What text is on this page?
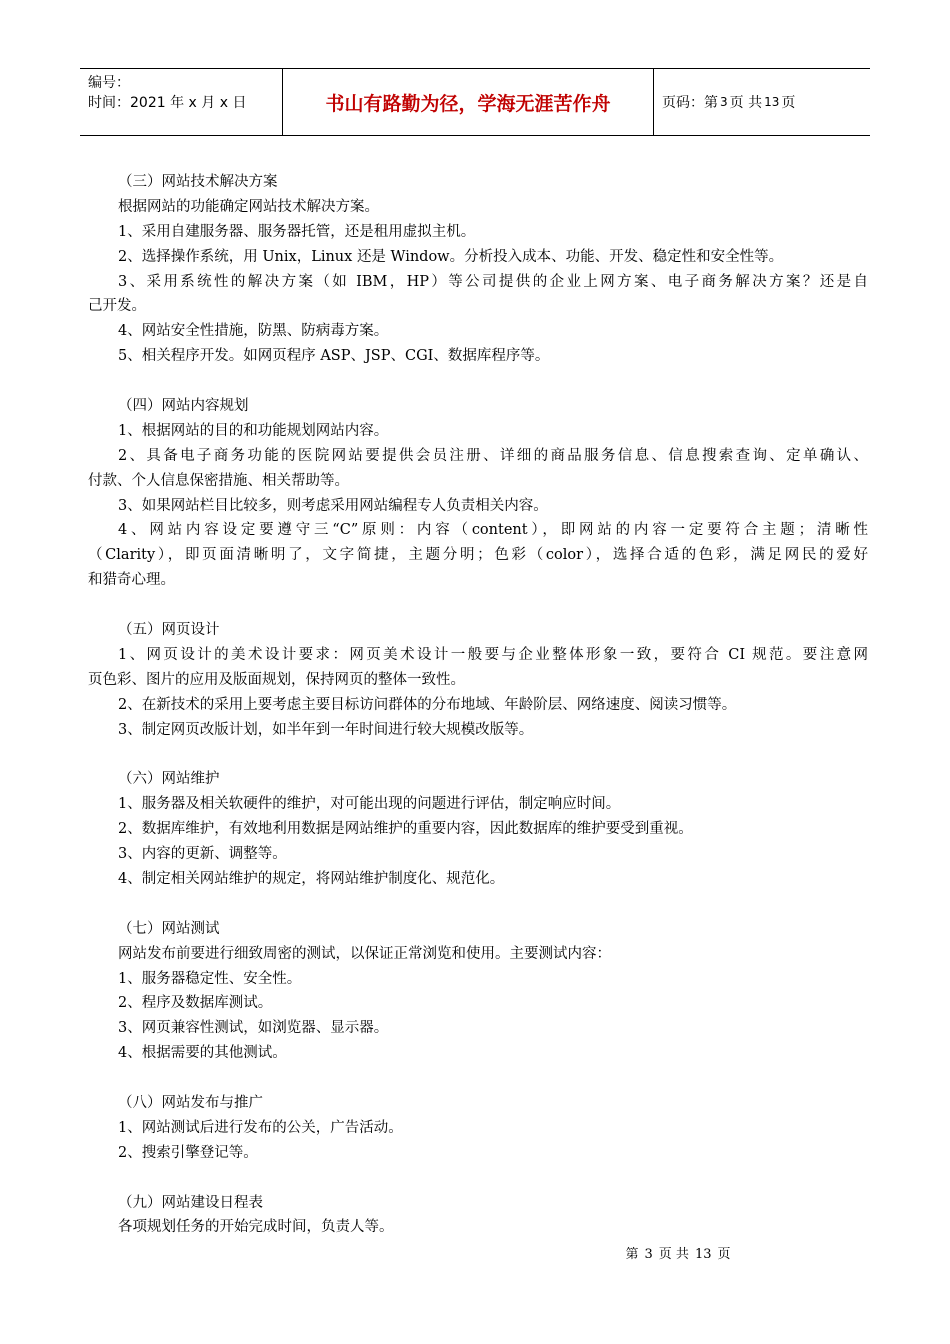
编号：
时间：2021 年 x 月 x 日	书山有路勤为径，学海无涯苦作舟	页码：第 3 页 共 13 页
（三）网站技术解决方案
根据网站的功能确定网站技术解决方案。
1、采用自建服务器、服务器托管，还是租用虚拟主机。
2、选择操作系统，用 Unix，Linux 还是 Window。分析投入成本、功能、开发、稳定性和安全性等。
3、采用系统性的解决方案（如 IBM，HP）等公司提供的企业上网方案、电子商务解决方案？还是自
己开发。
4、网站安全性措施，防黑、防病毒方案。
5、相关程序开发。如网页程序 ASP、JSP、CGI、数据库程序等。
（四）网站内容规划
1、根据网站的目的和功能规划网站内容。
2、具备电子商务功能的医院网站要提供会员注册、详细的商品服务信息、信息搜索查询、定单确认、
付款、个人信息保密措施、相关帮助等。
3、如果网站栏目比较多，则考虑采用网站编程专人负责相关内容。
4、网站内容设定要遵守三“C”原则：内容（content），即网站的内容一定要符合主题；清晰性
（Clarity），即页面清晰明了，文字简捷，主题分明；色彩（color），选择合适的色彩，满足网民的爱好
和猎奇心理。
（五）网页设计
1、网页设计的美术设计要求：网页美术设计一般要与企业整体形象一致，要符合 CI 规范。要注意网
页色彩、图片的应用及版面规划，保持网页的整体一致性。
2、在新技术的采用上要考虑主要目标访问群体的分布地域、年龄阶层、网络速度、阅读习惯等。
3、制定网页改版计划，如半年到一年时间进行较大规模改版等。
（六）网站维护
1、服务器及相关软硬件的维护，对可能出现的问题进行评估，制定响应时间。
2、数据库维护，有效地利用数据是网站维护的重要内容，因此数据库的维护要受到重视。
3、内容的更新、调整等。
4、制定相关网站维护的规定，将网站维护制度化、规范化。
（七）网站测试
网站发布前要进行细致周密的测试，以保证正常浏览和使用。主要测试内容：
1、服务器稳定性、安全性。
2、程序及数据库测试。
3、网页兼容性测试，如浏览器、显示器。
4、根据需要的其他测试。
（八）网站发布与推广
1、网站测试后进行发布的公关，广告活动。
2、搜索引擎登记等。
（九）网站建设日程表
各项规划任务的开始完成时间，负责人等。
第 3 页 共 13 页
